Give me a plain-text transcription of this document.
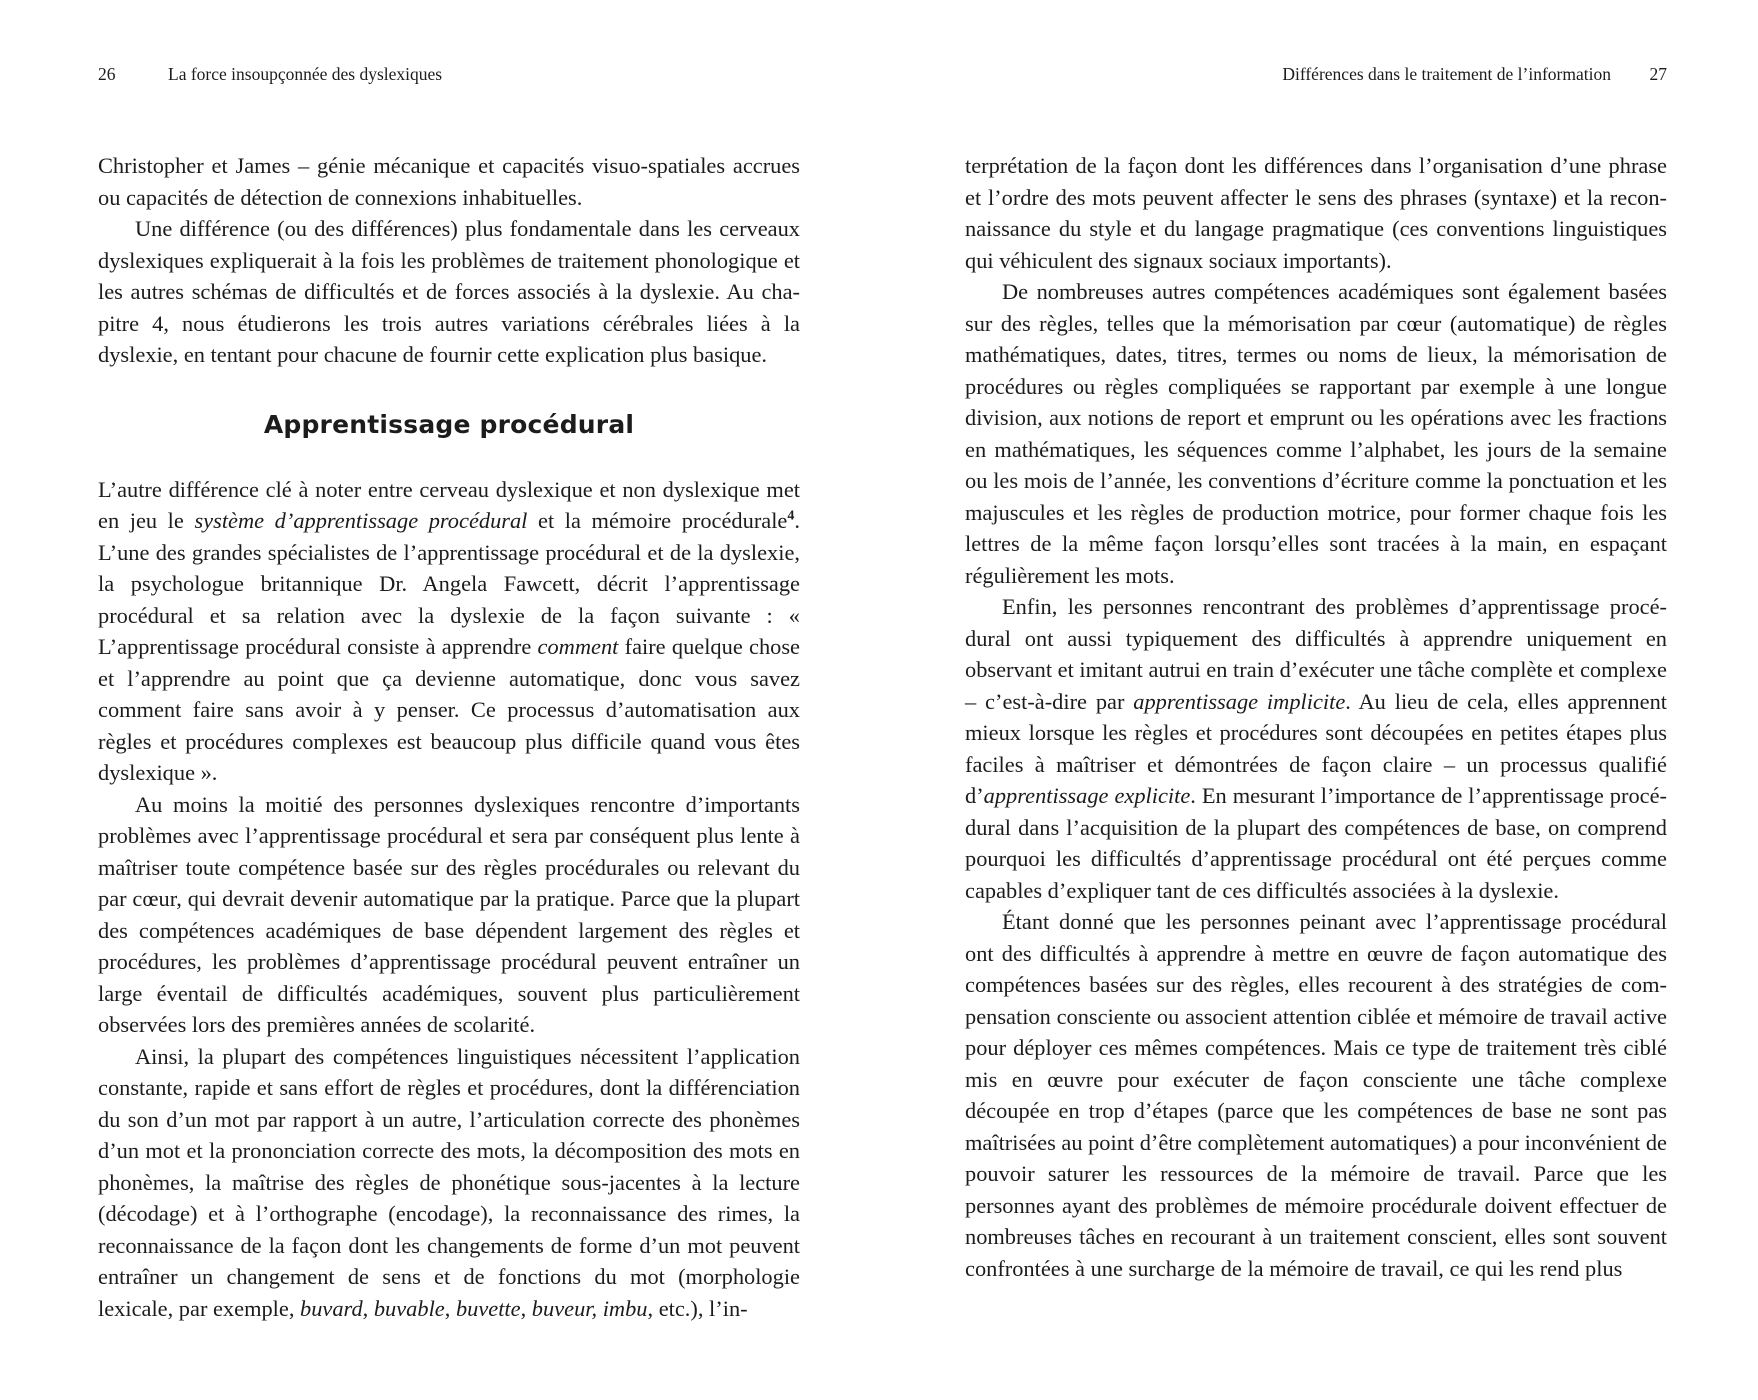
26	La force insoupçonnée des dyslexiques

Christopher et James – génie mécanique et capacités visuo-spatiales accrues ou capacités de détection de connexions inhabituelles.

Une différence (ou des différences) plus fondamentale dans les cerveaux dyslexiques expliquerait à la fois les problèmes de traitement phonologique et les autres schémas de difficultés et de forces associés à la dyslexie. Au chapitre 4, nous étudierons les trois autres variations cérébrales liées à la dyslexie, en tentant pour chacune de fournir cette explication plus basique.

Apprentissage procédural

L’autre différence clé à noter entre cerveau dyslexique et non dyslexique met en jeu le système d’apprentissage procédural et la mémoire procédurale$^4$. L’une des grandes spécialistes de l’apprentissage procédural et de la dyslexie, la psychologue britannique Dr. Angela Fawcett, décrit l’apprentissage procédural et sa relation avec la dyslexie de la façon suivante : « L’apprentissage procédural consiste à apprendre comment faire quelque chose et l’apprendre au point que ça devienne automatique, donc vous savez comment faire sans avoir à y penser. Ce processus d’automatisation aux règles et procédures complexes est beaucoup plus difficile quand vous êtes dyslexique ».

Au moins la moitié des personnes dyslexiques rencontre d’importants problèmes avec l’apprentissage procédural et sera par conséquent plus lente à maîtriser toute compétence basée sur des règles procédurales ou relevant du par cœur, qui devrait devenir automatique par la pratique. Parce que la plupart des compétences académiques de base dépendent largement des règles et procédures, les problèmes d’apprentissage procédural peuvent entraîner un large éventail de difficultés académiques, souvent plus particulièrement observées lors des premières années de scolarité.

Ainsi, la plupart des compétences linguistiques nécessitent l’application constante, rapide et sans effort de règles et procédures, dont la différenciation du son d’un mot par rapport à un autre, l’articulation correcte des phonèmes d’un mot et la prononciation correcte des mots, la décomposition des mots en phonèmes, la maîtrise des règles de phonétique sous-jacentes à la lecture (décodage) et à l’orthographe (encodage), la reconnaissance des rimes, la reconnaissance de la façon dont les changements de forme d’un mot peuvent entraîner un changement de sens et de fonctions du mot (morphologie lexicale, par exemple, buvard, buvable, buvette, buveur, imbu, etc.), l’in-

Différences dans le traitement de l’information 27

terprétation de la façon dont les différences dans l’organisation d’une phrase et l’ordre des mots peuvent affecter le sens des phrases (syntaxe) et la reconnaissance du style et du langage pragmatique (ces conventions linguistiques qui véhiculent des signaux sociaux importants).

De nombreuses autres compétences académiques sont également basées sur des règles, telles que la mémorisation par cœur (automatique) de règles mathématiques, dates, titres, termes ou noms de lieux, la mémorisation de procédures ou règles compliquées se rapportant par exemple à une longue division, aux notions de report et emprunt ou les opérations avec les fractions en mathématiques, les séquences comme l’alphabet, les jours de la semaine ou les mois de l’année, les conventions d’écriture comme la ponctuation et les majuscules et les règles de production motrice, pour former chaque fois les lettres de la même façon lorsqu’elles sont tracées à la main, en espaçant régulièrement les mots.

Enfin, les personnes rencontrant des problèmes d’apprentissage procédural ont aussi typiquement des difficultés à apprendre uniquement en observant et imitant autrui en train d’exécuter une tâche complète et complexe – c’est-à-dire par apprentissage implicite. Au lieu de cela, elles apprennent mieux lorsque les règles et procédures sont découpées en petites étapes plus faciles à maîtriser et démontrées de façon claire – un processus qualifié d’apprentissage explicite. En mesurant l’importance de l’apprentissage procédural dans l’acquisition de la plupart des compétences de base, on comprend pourquoi les difficultés d’apprentissage procédural ont été perçues comme capables d’expliquer tant de ces difficultés associées à la dyslexie.

Étant donné que les personnes peinant avec l’apprentissage procédural ont des difficultés à apprendre à mettre en œuvre de façon automatique des compétences basées sur des règles, elles recourent à des stratégies de compensation consciente ou associent attention ciblée et mémoire de travail active pour déployer ces mêmes compétences. Mais ce type de traitement très ciblé mis en œuvre pour exécuter de façon consciente une tâche complexe découpée en trop d’étapes (parce que les compétences de base ne sont pas maîtrisées au point d’être complètement automatiques) a pour inconvénient de pouvoir saturer les ressources de la mémoire de travail. Parce que les personnes ayant des problèmes de mémoire procédurale doivent effectuer de nombreuses tâches en recourant à un traitement conscient, elles sont souvent confrontées à une surcharge de la mémoire de travail, ce qui les rend plus
